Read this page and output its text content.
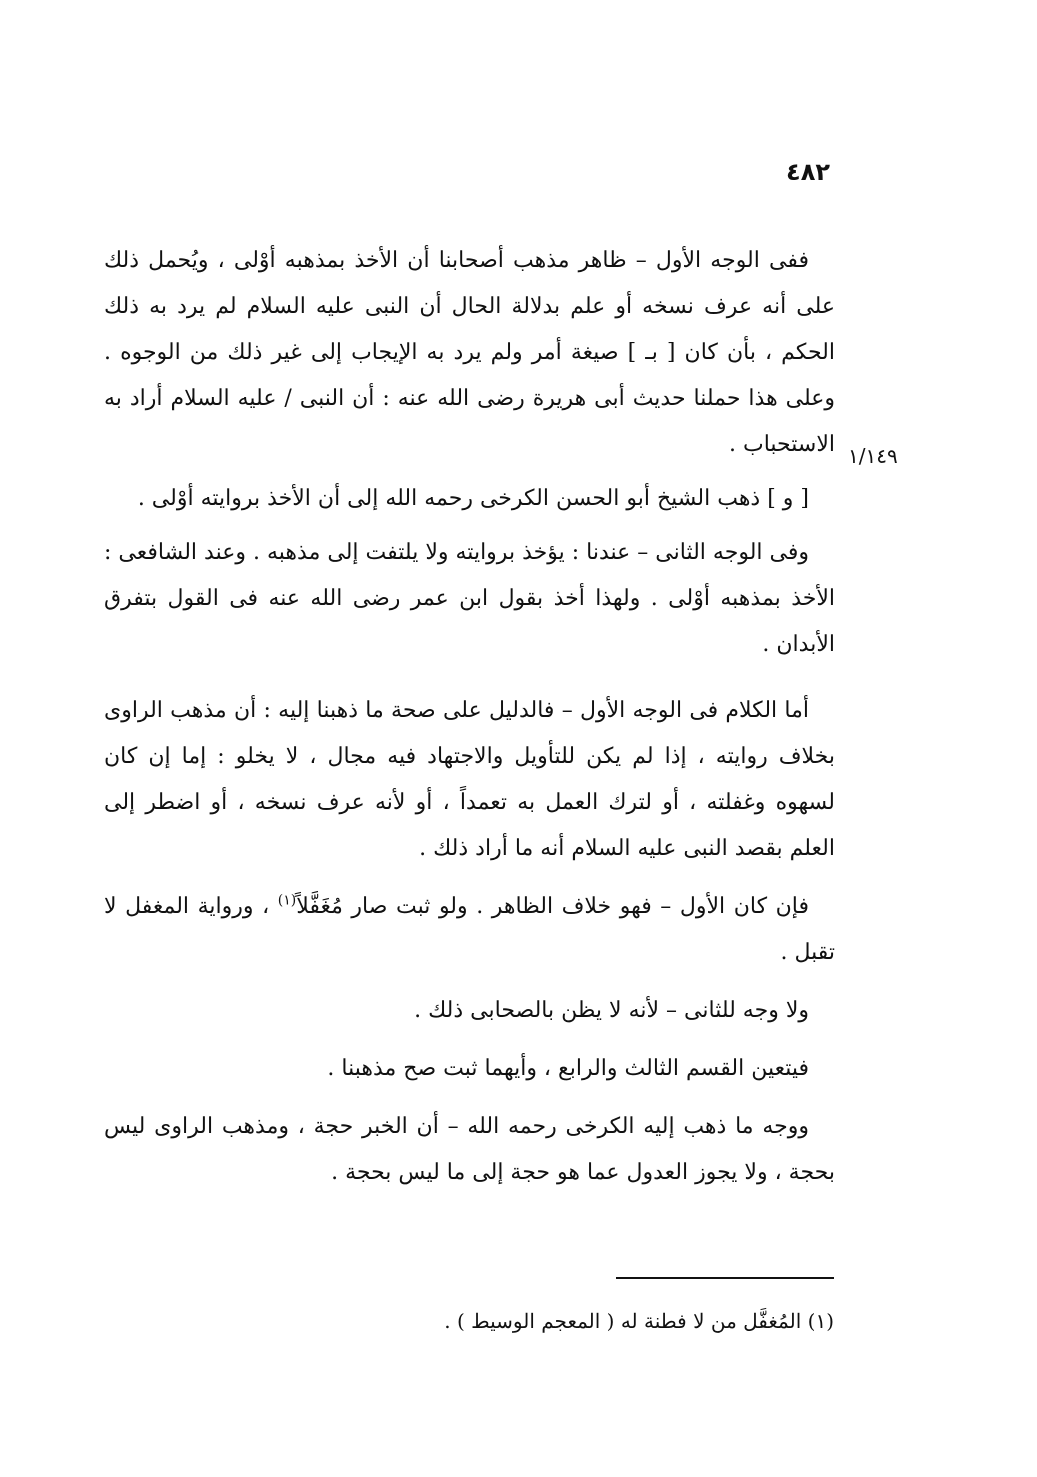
٤٨٢
١/١٤٩

ففى الوجه الأول – ظاهر مذهب أصحابنا أن الأخذ بمذهبه أوْلى ، ويُحمل ذلك على أنه عرف نسخه أو علم بدلالة الحال أن النبى عليه السلام لم يرد به ذلك الحكم ، بأن كان [ بـ ] صيغة أمر ولم يرد به الإيجاب إلى غير ذلك من الوجوه . وعلى هذا حملنا حديث أبى هريرة رضى الله عنه : أن النبى / عليه السلام أراد به الاستحباب .

[ و ] ذهب الشيخ أبو الحسن الكرخى رحمه الله إلى أن الأخذ بروايته أوْلى .

وفى الوجه الثانى – عندنا : يؤخذ بروايته ولا يلتفت إلى مذهبه . وعند الشافعى : الأخذ بمذهبه أوْلى . ولهذا أخذ بقول ابن عمر رضى الله عنه فى القول بتفرق الأبدان .

أما الكلام فى الوجه الأول – فالدليل على صحة ما ذهبنا إليه : أن مذهب الراوى بخلاف روايته ، إذا لم يكن للتأويل والاجتهاد فيه مجال ، لا يخلو : إما إن كان لسهوه وغفلته ، أو لترك العمل به تعمداً ، أو لأنه عرف نسخه ، أو اضطر إلى العلم بقصد النبى عليه السلام أنه ما أراد ذلك .

فإن كان الأول – فهو خلاف الظاهر . ولو ثبت صار مُغَفَّلاً$^{(١)}$ ، ورواية المغفل لا تقبل .

ولا وجه للثانى – لأنه لا يظن بالصحابى ذلك .

فيتعين القسم الثالث والرابع ، وأيهما ثبت صح مذهبنا .

ووجه ما ذهب إليه الكرخى رحمه الله – أن الخبر حجة ، ومذهب الراوى ليس بحجة ، ولا يجوز العدول عما هو حجة إلى ما ليس بحجة .

(١) المُغفَّل من لا فطنة له ( المعجم الوسيط ) .
